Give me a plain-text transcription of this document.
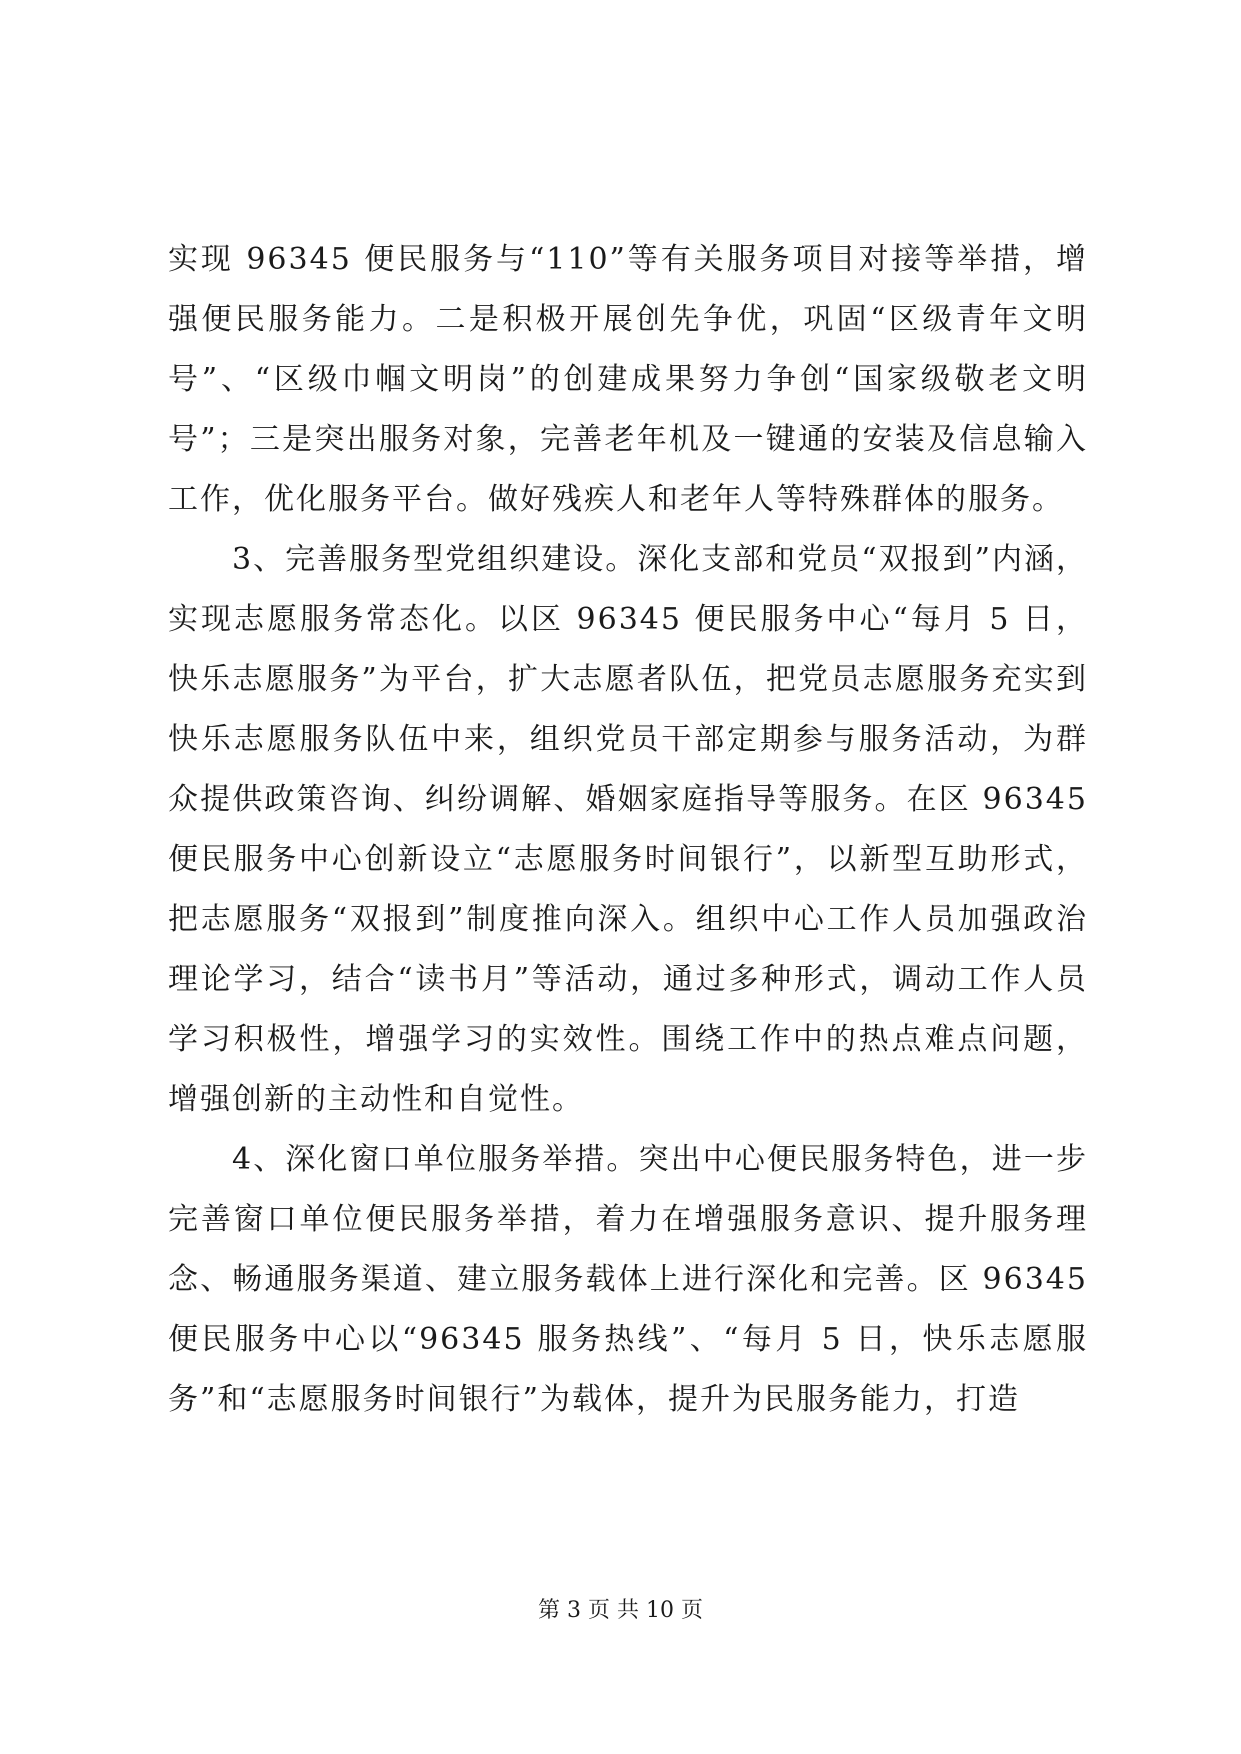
实现 96345 便民服务与“110”等有关服务项目对接等举措，增强便民服务能力。二是积极开展创先争优，巩固“区级青年文明号”、“区级巾帼文明岗”的创建成果努力争创“国家级敬老文明号”；三是突出服务对象，完善老年机及一键通的安装及信息输入工作，优化服务平台。做好残疾人和老年人等特殊群体的服务。

3、完善服务型党组织建设。深化支部和党员“双报到”内涵，实现志愿服务常态化。以区 96345 便民服务中心“每月 5 日，快乐志愿服务”为平台，扩大志愿者队伍，把党员志愿服务充实到快乐志愿服务队伍中来，组织党员干部定期参与服务活动，为群众提供政策咨询、纠纷调解、婚姻家庭指导等服务。在区 96345 便民服务中心创新设立“志愿服务时间银行”，以新型互助形式，把志愿服务“双报到”制度推向深入。组织中心工作人员加强政治理论学习，结合“读书月”等活动，通过多种形式，调动工作人员学习积极性，增强学习的实效性。围绕工作中的热点难点问题，增强创新的主动性和自觉性。

4、深化窗口单位服务举措。突出中心便民服务特色，进一步完善窗口单位便民服务举措，着力在增强服务意识、提升服务理念、畅通服务渠道、建立服务载体上进行深化和完善。区 96345 便民服务中心以“96345 服务热线”、“每月 5 日，快乐志愿服务”和“志愿服务时间银行”为载体，提升为民服务能力，打造

第 3 页 共 10 页
